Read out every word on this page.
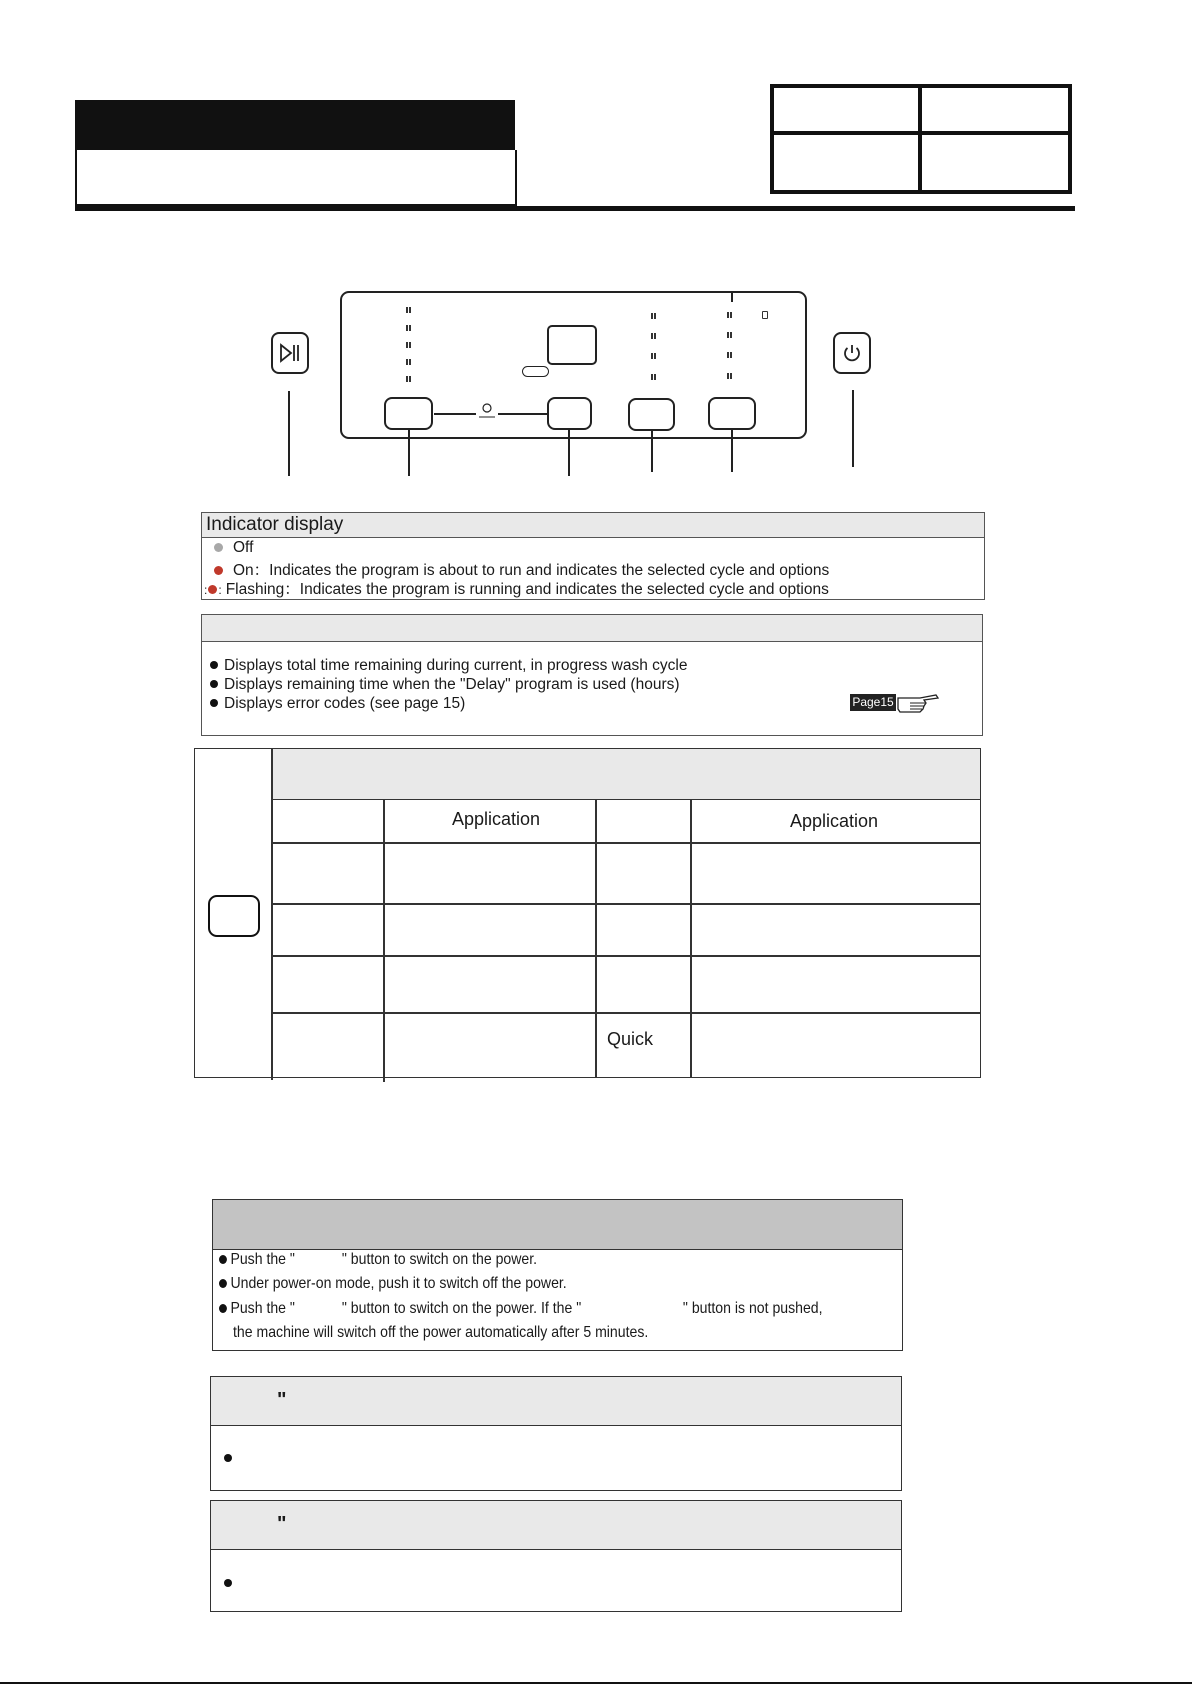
Indicator display
Off
On：Indicates the program is about to run and indicates the selected cycle and options
: : Flashing：Indicates the program is running and indicates the selected cycle and options
Displays total time remaining during current, in progress wash cycle
Displays remaining time when the "Delay" program is used (hours)
Displays error codes (see page 15)	Page15
Application	Application
Quick
Push the "            " button to switch on the power.
Under power-on mode, push it to switch off the power.
Push the "            " button to switch on the power. If the "                          " button is not pushed,
the machine will switch off the power automatically after 5 minutes.
"
"
